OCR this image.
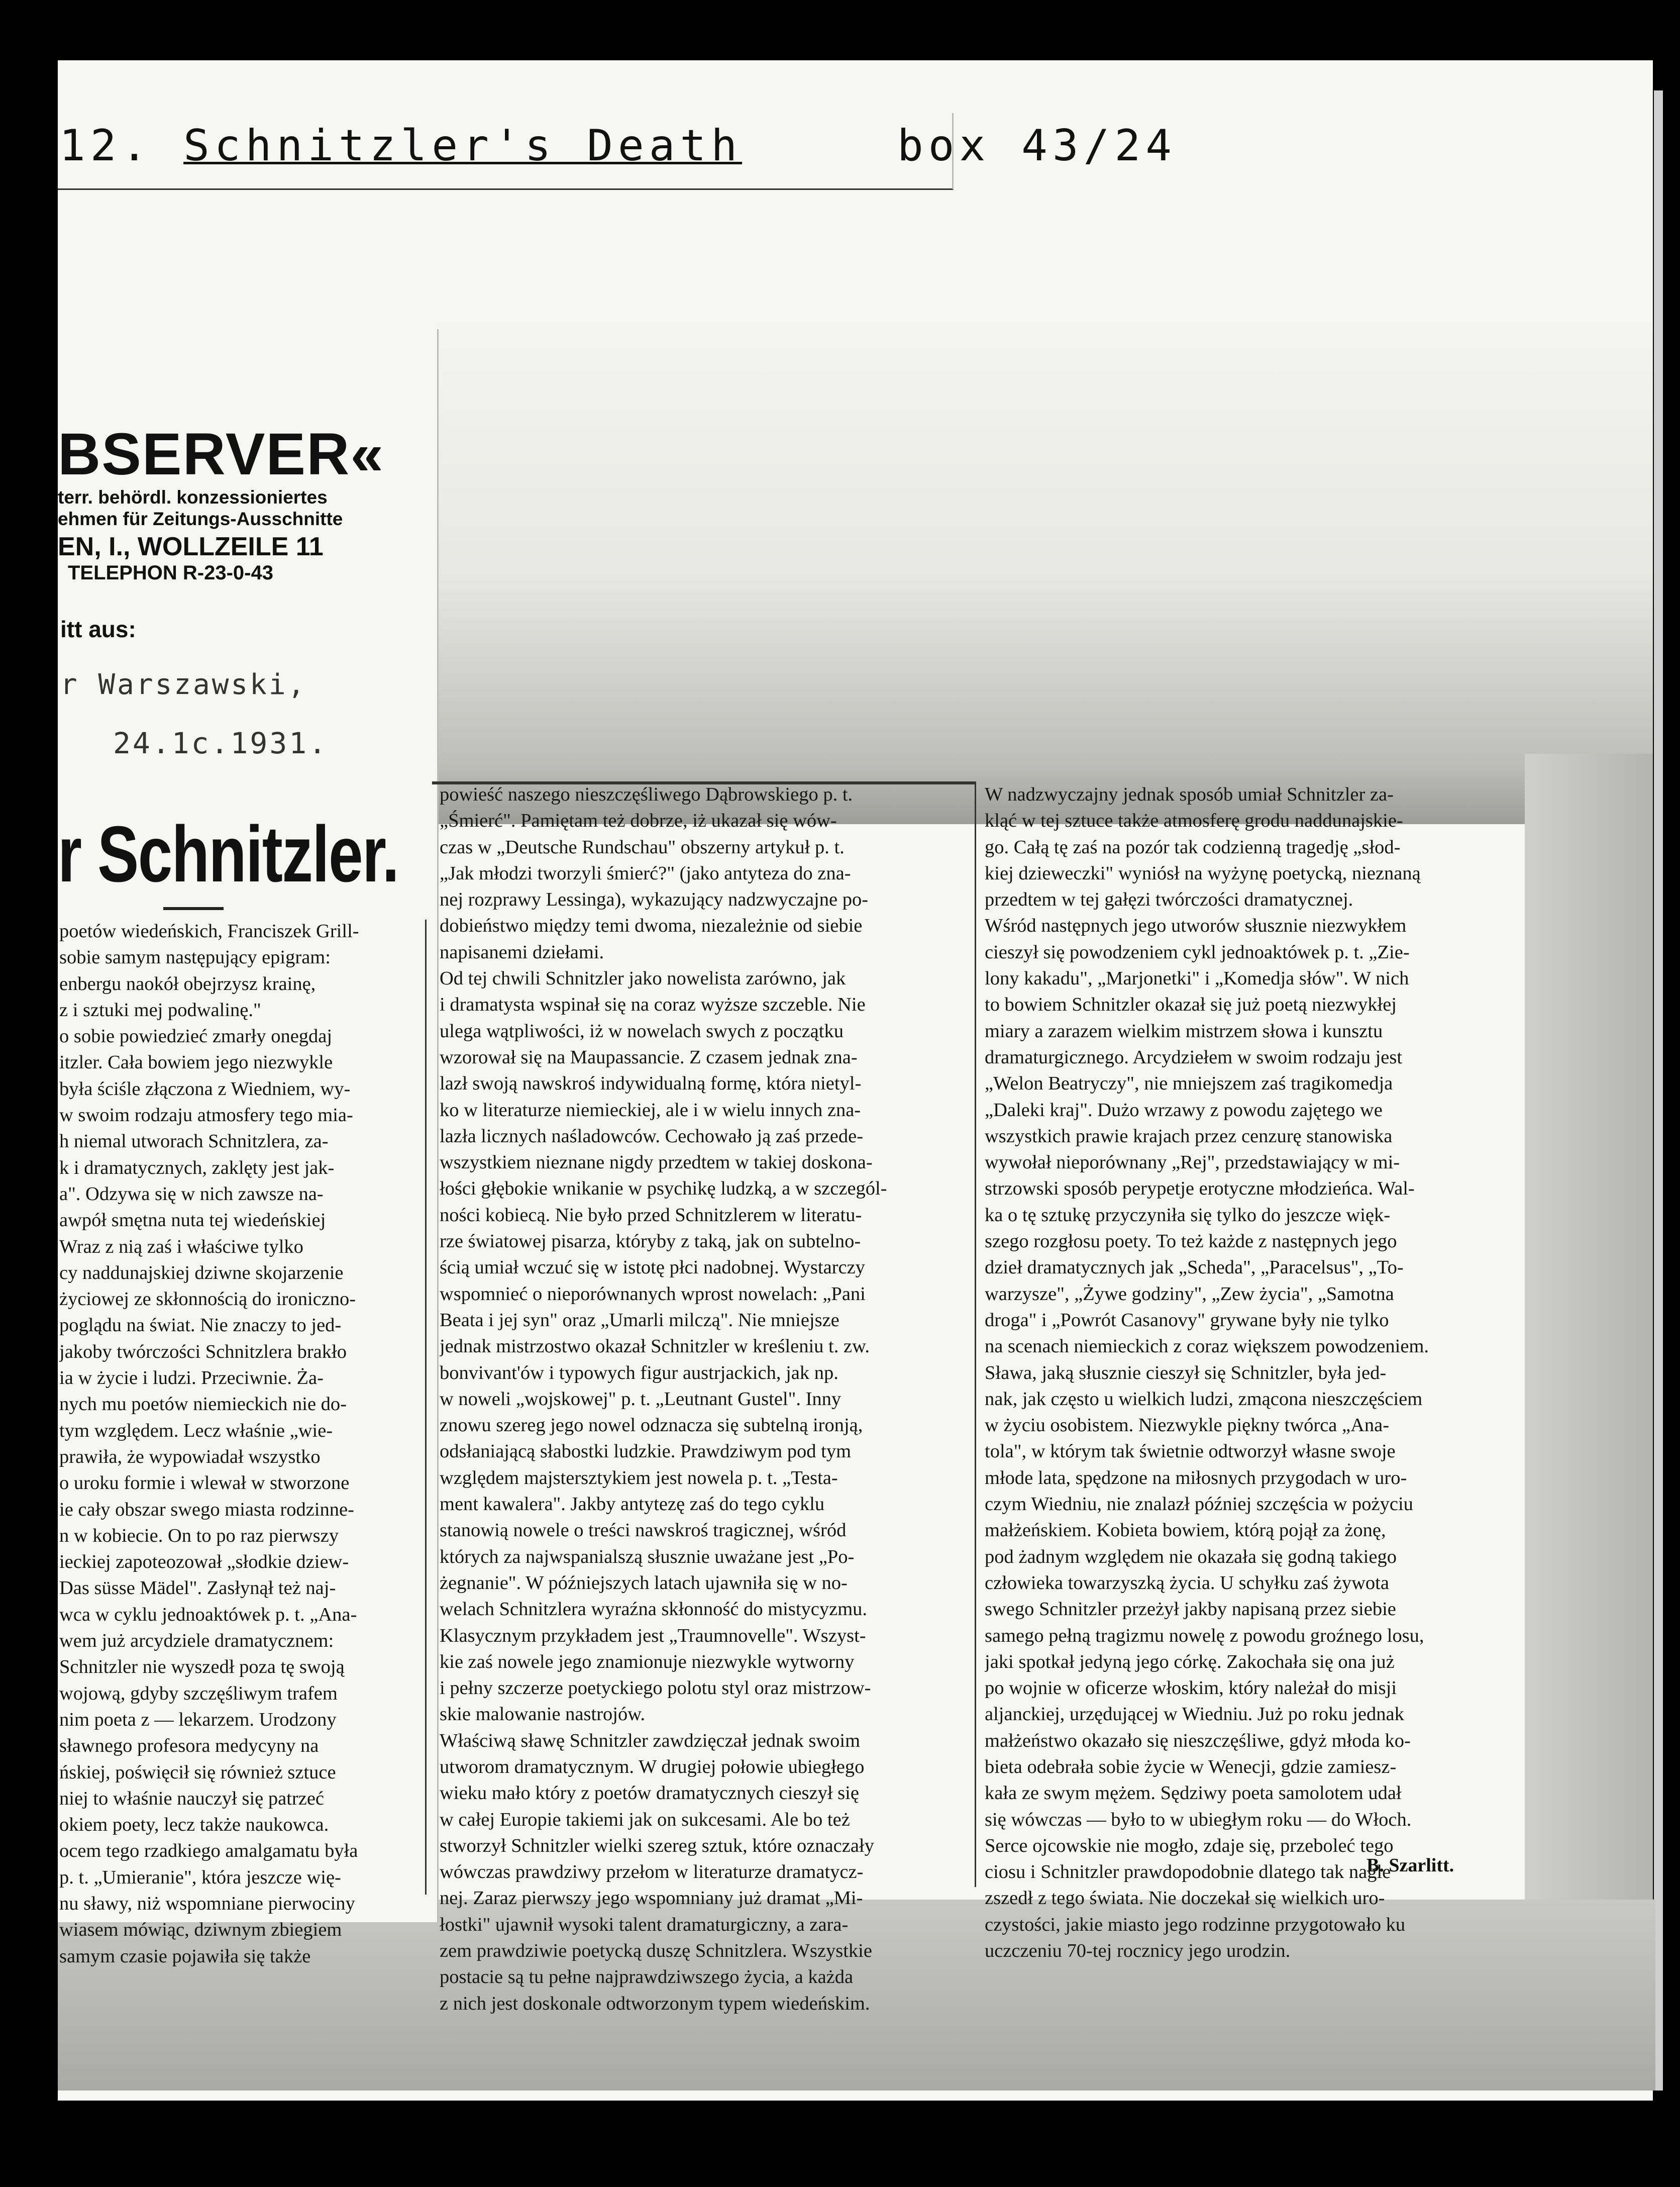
12. Schnitzler's Death	box 43/24
BSERVER«
terr. behördl. konzessioniertes
ehmen für Zeitungs-Ausschnitte
EN, I., WOLLZEILE 11
TELEPHON R-23-0-43
itt aus:
r Warszawski,
24.1c.1931.
r Schnitzler.
poetów wiedeńskich, Franciszek Grill-
sobie samym następujący epigram:
enbergu naokół obejrzysz krainę,
z i sztuki mej podwalinę."
o sobie powiedzieć zmarły onegdaj
itzler. Cała bowiem jego niezwykle
była ściśle złączona z Wiedniem, wy-
w swoim rodzaju atmosfery tego mia-
h niemal utworach Schnitzlera, za-
k i dramatycznych, zaklęty jest jak-
a". Odzywa się w nich zawsze na-
awpół smętna nuta tej wiedeńskiej
Wraz z nią zaś i właściwe tylko
cy naddunajskiej dziwne skojarzenie
życiowej ze skłonnością do ironiczno-
poglądu na świat. Nie znaczy to jed-
jakoby twórczości Schnitzlera brakło
ia w życie i ludzi. Przeciwnie. Ża-
nych mu poetów niemieckich nie do-
tym względem. Lecz właśnie „wie-
prawiła, że wypowiadał wszystko
o uroku formie i wlewał w stworzone
ie cały obszar swego miasta rodzinne-
n w kobiecie. On to po raz pierwszy
ieckiej zapoteozował „słodkie dziew-
Das süsse Mädel". Zasłynął też naj-
wca w cyklu jednoaktówek p. t. „Ana-
wem już arcydziele dramatycznem:
Schnitzler nie wyszedł poza tę swoją
wojową, gdyby szczęśliwym trafem
nim poeta z — lekarzem. Urodzony
sławnego profesora medycyny na
ńskiej, poświęcił się również sztuce
niej to właśnie nauczył się patrzeć
okiem poety, lecz także naukowca.
ocem tego rzadkiego amalgamatu była
p. t. „Umieranie", która jeszcze wię-
nu sławy, niż wspomniane pierwociny
wiasem mówiąc, dziwnym zbiegiem
samym czasie pojawiła się także
powieść naszego nieszczęśliwego Dąbrowskiego p. t.
„Śmierć". Pamiętam też dobrze, iż ukazał się wów-
czas w „Deutsche Rundschau" obszerny artykuł p. t.
„Jak młodzi tworzyli śmierć?" (jako antyteza do zna-
nej rozprawy Lessinga), wykazujący nadzwyczajne po-
dobieństwo między temi dwoma, niezależnie od siebie
napisanemi dziełami.
Od tej chwili Schnitzler jako nowelista zarówno, jak
i dramatysta wspinał się na coraz wyższe szczeble. Nie
ulega wątpliwości, iż w nowelach swych z początku
wzorował się na Maupassancie. Z czasem jednak zna-
lazł swoją nawskroś indywidualną formę, która nietyl-
ko w literaturze niemieckiej, ale i w wielu innych zna-
lazła licznych naśladowców. Cechowało ją zaś przede-
wszystkiem nieznane nigdy przedtem w takiej doskona-
łości głębokie wnikanie w psychikę ludzką, a w szczegól-
ności kobiecą. Nie było przed Schnitzlerem w literatu-
rze światowej pisarza, któryby z taką, jak on subtelno-
ścią umiał wczuć się w istotę płci nadobnej. Wystarczy
wspomnieć o nieporównanych wprost nowelach: „Pani
Beata i jej syn" oraz „Umarli milczą". Nie mniejsze
jednak mistrzostwo okazał Schnitzler w kreśleniu t. zw.
bonvivant'ów i typowych figur austrjackich, jak np.
w noweli „wojskowej" p. t. „Leutnant Gustel". Inny
znowu szereg jego nowel odznacza się subtelną ironją,
odsłaniającą słabostki ludzkie. Prawdziwym pod tym
względem majstersztykiem jest nowela p. t. „Testa-
ment kawalera". Jakby antytezę zaś do tego cyklu
stanowią nowele o treści nawskroś tragicznej, wśród
których za najwspanialszą słusznie uważane jest „Po-
żegnanie". W późniejszych latach ujawniła się w no-
welach Schnitzlera wyraźna skłonność do mistycyzmu.
Klasycznym przykładem jest „Traumnovelle". Wszyst-
kie zaś nowele jego znamionuje niezwykle wytworny
i pełny szczerze poetyckiego polotu styl oraz mistrzow-
skie malowanie nastrojów.
Właściwą sławę Schnitzler zawdzięczał jednak swoim
utworom dramatycznym. W drugiej połowie ubiegłego
wieku mało który z poetów dramatycznych cieszył się
w całej Europie takiemi jak on sukcesami. Ale bo też
stworzył Schnitzler wielki szereg sztuk, które oznaczały
wówczas prawdziwy przełom w literaturze dramatycz-
nej. Zaraz pierwszy jego wspomniany już dramat „Mi-
łostki" ujawnił wysoki talent dramaturgiczny, a zara-
zem prawdziwie poetycką duszę Schnitzlera. Wszystkie
postacie są tu pełne najprawdziwszego życia, a każda
z nich jest doskonale odtworzonym typem wiedeńskim.
W nadzwyczajny jednak sposób umiał Schnitzler za-
kląć w tej sztuce także atmosferę grodu naddunajskie-
go. Całą tę zaś na pozór tak codzienną tragedję „słod-
kiej dzieweczki" wyniósł na wyżynę poetycką, nieznaną
przedtem w tej gałęzi twórczości dramatycznej.
Wśród następnych jego utworów słusznie niezwykłem
cieszył się powodzeniem cykl jednoaktówek p. t. „Zie-
lony kakadu", „Marjonetki" i „Komedja słów". W nich
to bowiem Schnitzler okazał się już poetą niezwykłej
miary a zarazem wielkim mistrzem słowa i kunsztu
dramaturgicznego. Arcydziełem w swoim rodzaju jest
„Welon Beatryczy", nie mniejszem zaś tragikomedja
„Daleki kraj". Dużo wrzawy z powodu zajętego we
wszystkich prawie krajach przez cenzurę stanowiska
wywołał nieporównany „Rej", przedstawiający w mi-
strzowski sposób perypetje erotyczne młodzieńca. Wal-
ka o tę sztukę przyczyniła się tylko do jeszcze więk-
szego rozgłosu poety. To też każde z następnych jego
dzieł dramatycznych jak „Scheda", „Paracelsus", „To-
warzysze", „Żywe godziny", „Zew życia", „Samotna
droga" i „Powrót Casanovy" grywane były nie tylko
na scenach niemieckich z coraz większem powodzeniem.
Sława, jaką słusznie cieszył się Schnitzler, była jed-
nak, jak często u wielkich ludzi, zmącona nieszczęściem
w życiu osobistem. Niezwykle piękny twórca „Ana-
tola", w którym tak świetnie odtworzył własne swoje
młode lata, spędzone na miłosnych przygodach w uro-
czym Wiedniu, nie znalazł później szczęścia w pożyciu
małżeńskiem. Kobieta bowiem, którą pojął za żonę,
pod żadnym względem nie okazała się godną takiego
człowieka towarzyszką życia. U schyłku zaś żywota
swego Schnitzler przeżył jakby napisaną przez siebie
samego pełną tragizmu nowelę z powodu groźnego losu,
jaki spotkał jedyną jego córkę. Zakochała się ona już
po wojnie w oficerze włoskim, który należał do misji
aljanckiej, urzędującej w Wiedniu. Już po roku jednak
małżeństwo okazało się nieszczęśliwe, gdyż młoda ko-
bieta odebrała sobie życie w Wenecji, gdzie zamiesz-
kała ze swym mężem. Sędziwy poeta samolotem udał
się wówczas — było to w ubiegłym roku — do Włoch.
Serce ojcowskie nie mogło, zdaje się, przeboleć tego
ciosu i Schnitzler prawdopodobnie dlatego tak nagle
zszedł z tego świata. Nie doczekał się wielkich uro-
czystości, jakie miasto jego rodzinne przygotowało ku
uczczeniu 70-tej rocznicy jego urodzin.
B. Szarlitt.
